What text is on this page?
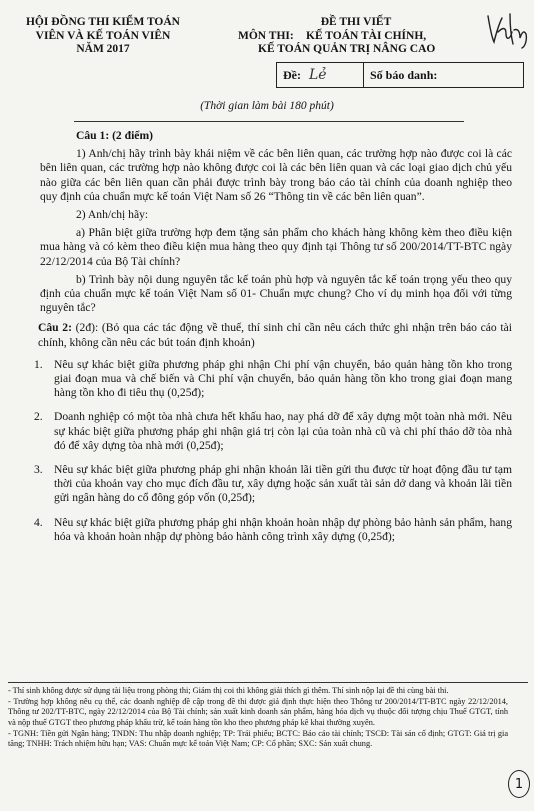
HỘI ĐỒNG THI KIỂM TOÁN
VIÊN VÀ KẾ TOÁN VIÊN
NĂM 2017
ĐỀ THI VIẾT
MÔN THI: KẾ TOÁN TÀI CHÍNH,
KẾ TOÁN QUẢN TRỊ NÂNG CAO
Đề: Lẻ	Số báo danh:
(Thời gian làm bài 180 phút)

Câu 1: (2 điểm)

1) Anh/chị hãy trình bày khái niệm về các bên liên quan, các trường hợp nào được coi là các bên liên quan, các trường hợp nào không được coi là các bên liên quan và các loại giao dịch chủ yếu nào giữa các bên liên quan cần phải được trình bày trong báo cáo tài chính của doanh nghiệp theo quy định của chuẩn mực kế toán Việt Nam số 26 “Thông tin về các bên liên quan”.

2) Anh/chị hãy:

a) Phân biệt giữa trường hợp đem tặng sản phẩm cho khách hàng không kèm theo điều kiện mua hàng và có kèm theo điều kiện mua hàng theo quy định tại Thông tư số 200/2014/TT-BTC ngày 22/12/2014 của Bộ Tài chính?

b) Trình bày nội dung nguyên tắc kế toán phù hợp và nguyên tắc kế toán trọng yếu theo quy định của chuẩn mực kế toán Việt Nam số 01- Chuẩn mực chung? Cho ví dụ minh họa đối với từng nguyên tắc?

Câu 2: (2đ): (Bỏ qua các tác động về thuế, thí sinh chỉ cần nêu cách thức ghi nhận trên báo cáo tài chính, không cần nêu các bút toán định khoản)

1. Nêu sự khác biệt giữa phương pháp ghi nhận Chi phí vận chuyển, bảo quản hàng tồn kho trong giai đoạn mua và chế biến và Chi phí vận chuyển, bảo quản hàng tồn kho trong giai đoạn mang hàng tồn kho đi tiêu thụ (0,25đ);
2. Doanh nghiệp có một tòa nhà chưa hết khấu hao, nay phá dỡ để xây dựng một toàn nhà mới. Nêu sự khác biệt giữa phương pháp ghi nhận giá trị còn lại của toàn nhà cũ và chi phí tháo dỡ tòa nhà đó để xây dựng tòa nhà mới (0,25đ);
3. Nêu sự khác biệt giữa phương pháp ghi nhận khoản lãi tiền gửi thu được từ hoạt động đầu tư tạm thời của khoản vay cho mục đích đầu tư, xây dựng hoặc sản xuất tài sản dở dang và khoản lãi tiền gửi ngân hàng do cổ đông góp vốn (0,25đ);
4. Nêu sự khác biệt giữa phương pháp ghi nhận khoản hoàn nhập dự phòng bảo hành sản phẩm, hang hóa và khoản hoàn nhập dự phòng bảo hành công trình xây dựng (0,25đ);

- Thí sinh không được sử dụng tài liệu trong phòng thi; Giám thị coi thi không giải thích gì thêm. Thí sinh nộp lại đề thi cùng bài thi.

- Trường hợp không nêu cụ thể, các doanh nghiệp đề cập trong đề thi được giả định thực hiện theo Thông tư 200/2014/TT-BTC ngày 22/12/2014, Thông tư 202/TT-BTC, ngày 22/12/2014 của Bộ Tài chính; sản xuất kinh doanh sản phẩm, hàng hóa dịch vụ thuộc đối tượng chịu Thuế GTGT, tính và nộp thuế GTGT theo phương pháp khấu trừ, kế toán hàng tồn kho theo phương pháp kê khai thường xuyên.

- TGNH: Tiền gửi Ngân hàng; TNDN: Thu nhập doanh nghiệp; TP: Trái phiếu; BCTC: Báo cáo tài chính; TSCĐ: Tài sản cố định; GTGT: Giá trị gia tăng; TNHH: Trách nhiệm hữu hạn; VAS: Chuẩn mực kế toán Việt Nam; CP: Cổ phần; SXC: Sản xuất chung.

1
